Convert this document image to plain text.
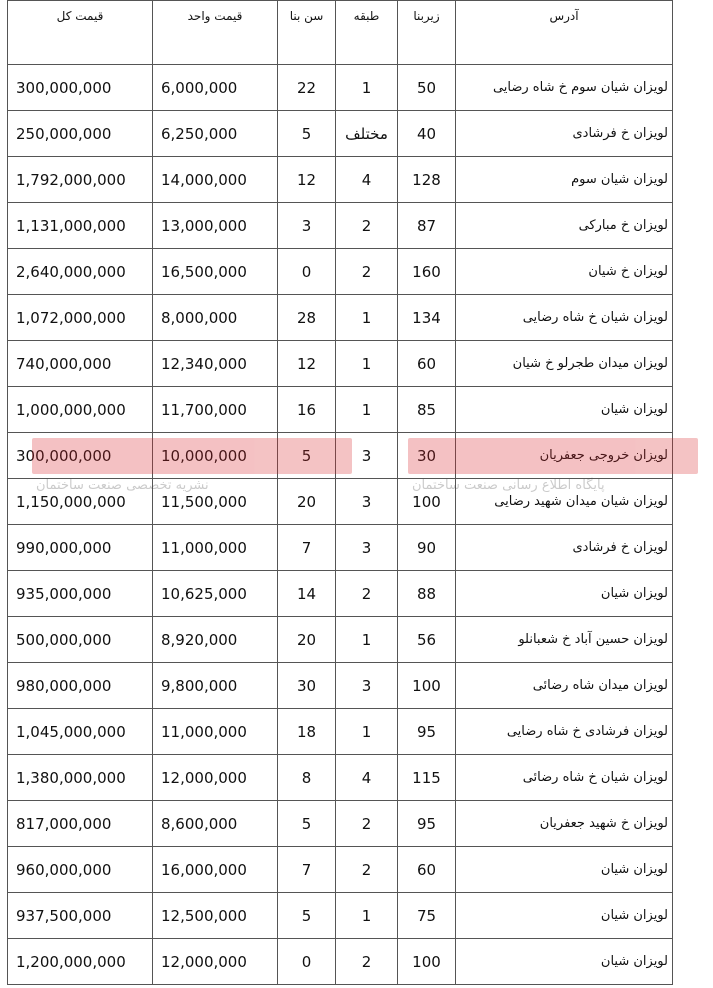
قیمت کل	قیمت واحد	سن بنا	طبقه	زیربنا	آدرس
300,000,000	6,000,000	22	1	50	لویزان شیان سوم خ شاه رضایی
250,000,000	6,250,000	5	مختلف	40	لویزان خ فرشادی
1,792,000,000	14,000,000	12	4	128	لویزان شیان سوم
1,131,000,000	13,000,000	3	2	87	لویزان خ مبارکی
2,640,000,000	16,500,000	0	2	160	لویزان خ شیان
1,072,000,000	8,000,000	28	1	134	لویزان شیان خ شاه رضایی
740,000,000	12,340,000	12	1	60	لویزان میدان طجرلو خ شیان
1,000,000,000	11,700,000	16	1	85	لویزان شیان
300,000,000	10,000,000	5	3	30	لویزان خروجی جعفریان
1,150,000,000	11,500,000	20	3	100	لویزان شیان میدان شهید رضایی
990,000,000	11,000,000	7	3	90	لویزان خ فرشادی
935,000,000	10,625,000	14	2	88	لویزان شیان
500,000,000	8,920,000	20	1	56	لویزان حسین آباد خ شعبانلو
980,000,000	9,800,000	30	3	100	لویزان میدان شاه رضائی
1,045,000,000	11,000,000	18	1	95	لویزان فرشادی خ شاه رضایی
1,380,000,000	12,000,000	8	4	115	لویزان شیان خ شاه رضائی
817,000,000	8,600,000	5	2	95	لویزان خ شهید جعفریان
960,000,000	16,000,000	7	2	60	لویزان شیان
937,500,000	12,500,000	5	1	75	لویزان شیان
1,200,000,000	12,000,000	0	2	100	لویزان شیان
نشریه تخصصی صنعت ساختمان	پایگاه اطلاع رسانی صنعت ساختمان
